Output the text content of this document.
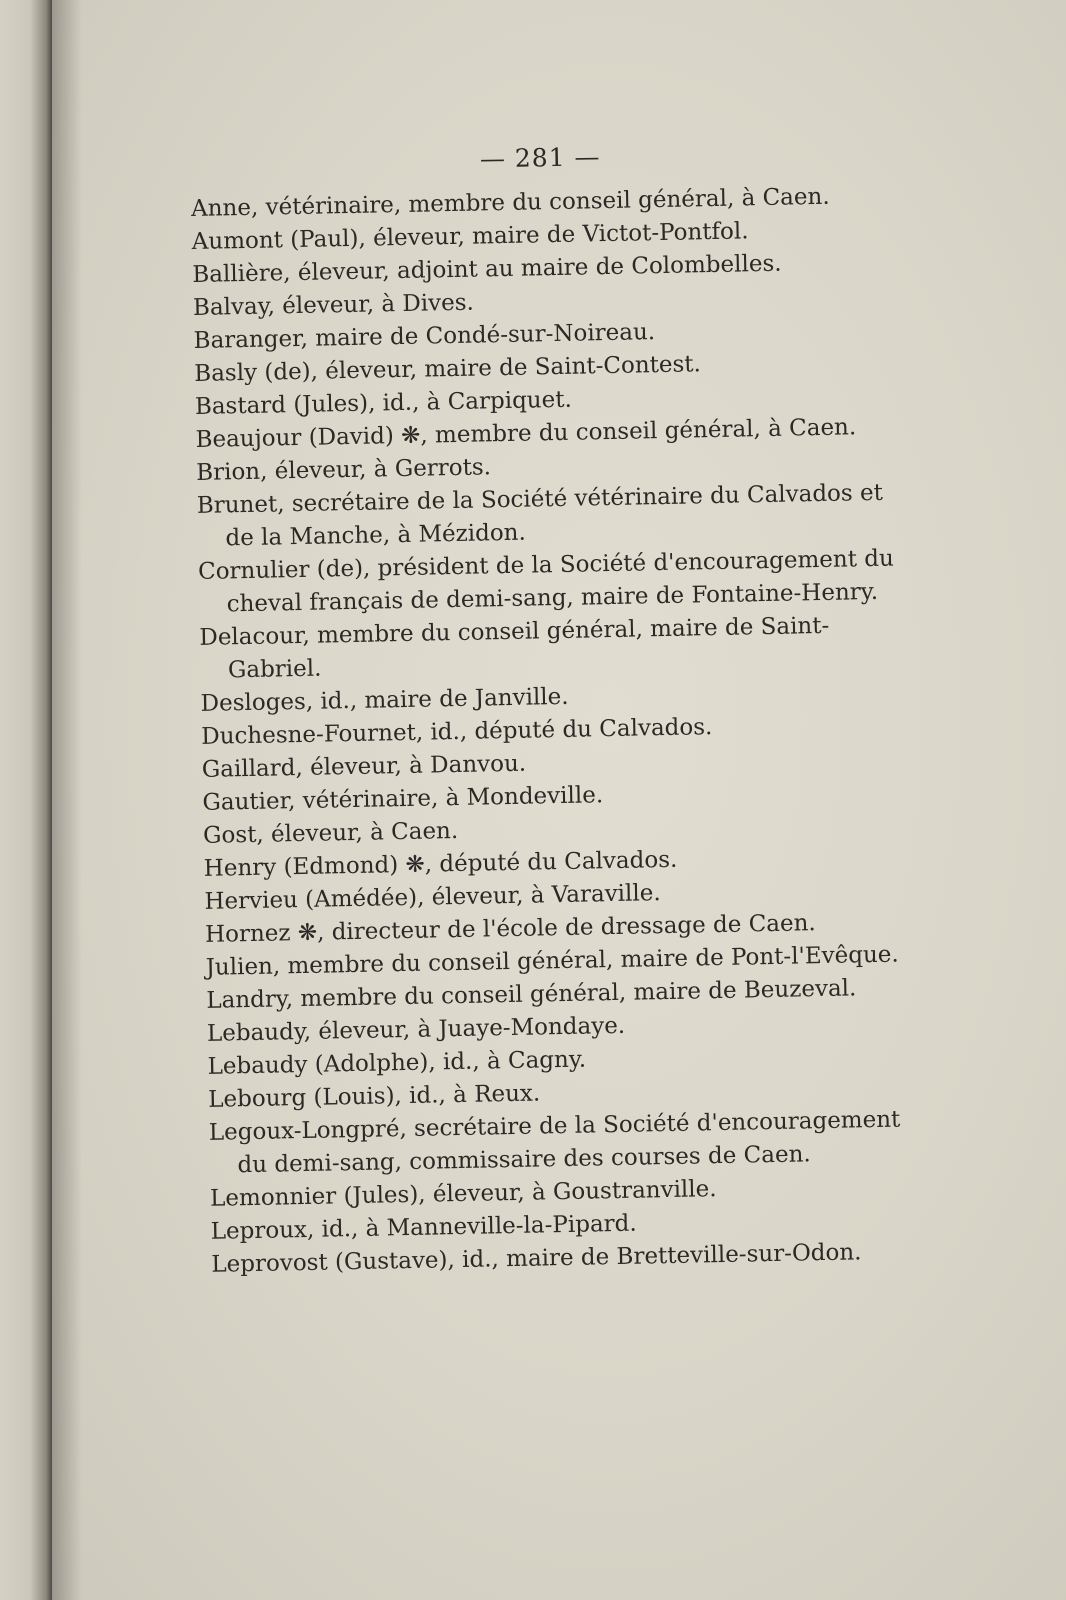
— 281 —

Anne, vétérinaire, membre du conseil général, à Caen.

Aumont (Paul), éleveur, maire de Victot-Pontfol.

Ballière, éleveur, adjoint au maire de Colombelles.

Balvay, éleveur, à Dives.

Baranger, maire de Condé-sur-Noireau.

Basly (de), éleveur, maire de Saint-Contest.

Bastard (Jules), id., à Carpiquet.

Beaujour (David) ❋, membre du conseil général, à Caen.

Brion, éleveur, à Gerrots.

Brunet, secrétaire de la Société vétérinaire du Calvados et de la Manche, à Mézidon.

Cornulier (de), président de la Société d'encouragement du cheval français de demi-sang, maire de Fontaine-Henry.

Delacour, membre du conseil général, maire de Saint-Gabriel.

Desloges, id., maire de Janville.

Duchesne-Fournet, id., député du Calvados.

Gaillard, éleveur, à Danvou.

Gautier, vétérinaire, à Mondeville.

Gost, éleveur, à Caen.

Henry (Edmond) ❋, député du Calvados.

Hervieu (Amédée), éleveur, à Varaville.

Hornez ❋, directeur de l'école de dressage de Caen.

Julien, membre du conseil général, maire de Pont-l'Evêque.

Landry, membre du conseil général, maire de Beuzeval.

Lebaudy, éleveur, à Juaye-Mondaye.

Lebaudy (Adolphe), id., à Cagny.

Lebourg (Louis), id., à Reux.

Legoux-Longpré, secrétaire de la Société d'encouragement du demi-sang, commissaire des courses de Caen.

Lemonnier (Jules), éleveur, à Goustranville.

Leproux, id., à Manneville-la-Pipard.

Leprovost (Gustave), id., maire de Bretteville-sur-Odon.
